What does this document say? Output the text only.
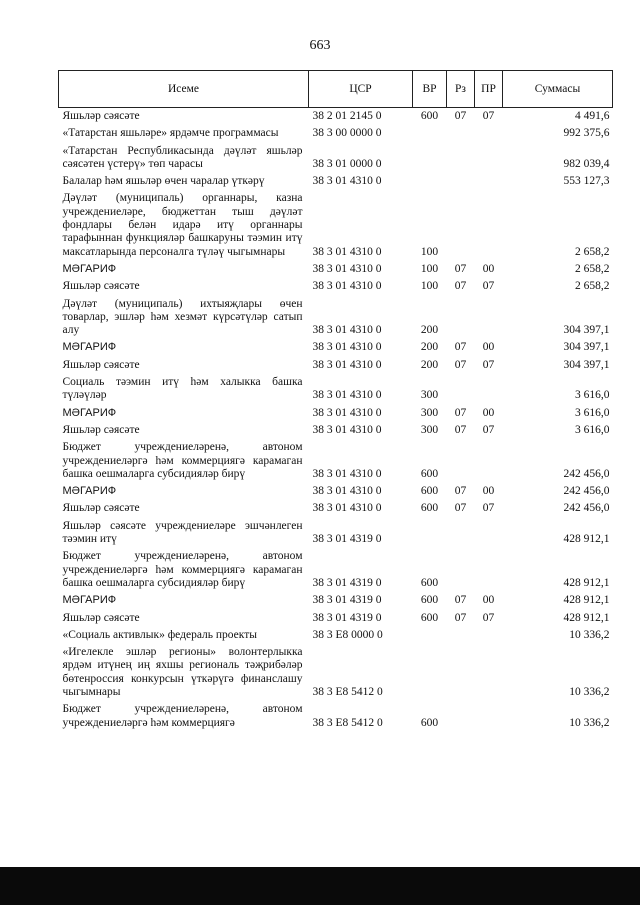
663
Исеме	ЦСР	ВР	Рз	ПР	Суммасы
Яшьләр сәясәте	38 2 01 2145 0	600	07	07	4 491,6
«Татарстан яшьләре» ярдәмче программасы	38 3 00 0000 0				992 375,6
«Татарстан Республикасында дәүләт яшьләр сәясәтен үстерү» төп чарасы	38 3 01 0000 0				982 039,4
Балалар һәм яшьләр өчен чаралар үткәрү	38 3 01 4310 0				553 127,3
Дәүләт (муниципаль) органнары, казна учреждениеләре, бюджеттан тыш дәүләт фондлары белән идарә итү органнары тарафыннан функцияләр башкаруны тәэмин итү максатларында персоналга түләү чыгымнары	38 3 01 4310 0	100			2 658,2
МӘГАРИФ	38 3 01 4310 0	100	07	00	2 658,2
Яшьләр сәясәте	38 3 01 4310 0	100	07	07	2 658,2
Дәүләт (муниципаль) ихтыяҗлары өчен товарлар, эшләр һәм хезмәт күрсәтүләр сатып алу	38 3 01 4310 0	200			304 397,1
МӘГАРИФ	38 3 01 4310 0	200	07	00	304 397,1
Яшьләр сәясәте	38 3 01 4310 0	200	07	07	304 397,1
Социаль тәэмин итү һәм халыкка башка түләүләр	38 3 01 4310 0	300			3 616,0
МӘГАРИФ	38 3 01 4310 0	300	07	00	3 616,0
Яшьләр сәясәте	38 3 01 4310 0	300	07	07	3 616,0
Бюджет учреждениеләренә, автоном учреждениеләргә һәм коммерциягә карамаган башка оешмаларга субсидияләр бирү	38 3 01 4310 0	600			242 456,0
МӘГАРИФ	38 3 01 4310 0	600	07	00	242 456,0
Яшьләр сәясәте	38 3 01 4310 0	600	07	07	242 456,0
Яшьләр сәясәте учреждениеләре эшчәнлеген тәэмин итү	38 3 01 4319 0				428 912,1
Бюджет учреждениеләренә, автоном учреждениеләргә һәм коммерциягә карамаган башка оешмаларга субсидияләр бирү	38 3 01 4319 0	600			428 912,1
МӘГАРИФ	38 3 01 4319 0	600	07	00	428 912,1
Яшьләр сәясәте	38 3 01 4319 0	600	07	07	428 912,1
«Социаль активлык» федераль проекты	38 3 E8 0000 0				10 336,2
«Игелекле эшләр регионы» волонтерлыкка ярдәм итүнең иң яхшы региональ тәҗрибәләр бөтенроссия конкурсын үткәрүгә финанслашу чыгымнары	38 3 E8 5412 0				10 336,2
Бюджет учреждениеләренә, автоном учреждениеләргә һәм коммерциягә	38 3 E8 5412 0	600			10 336,2
